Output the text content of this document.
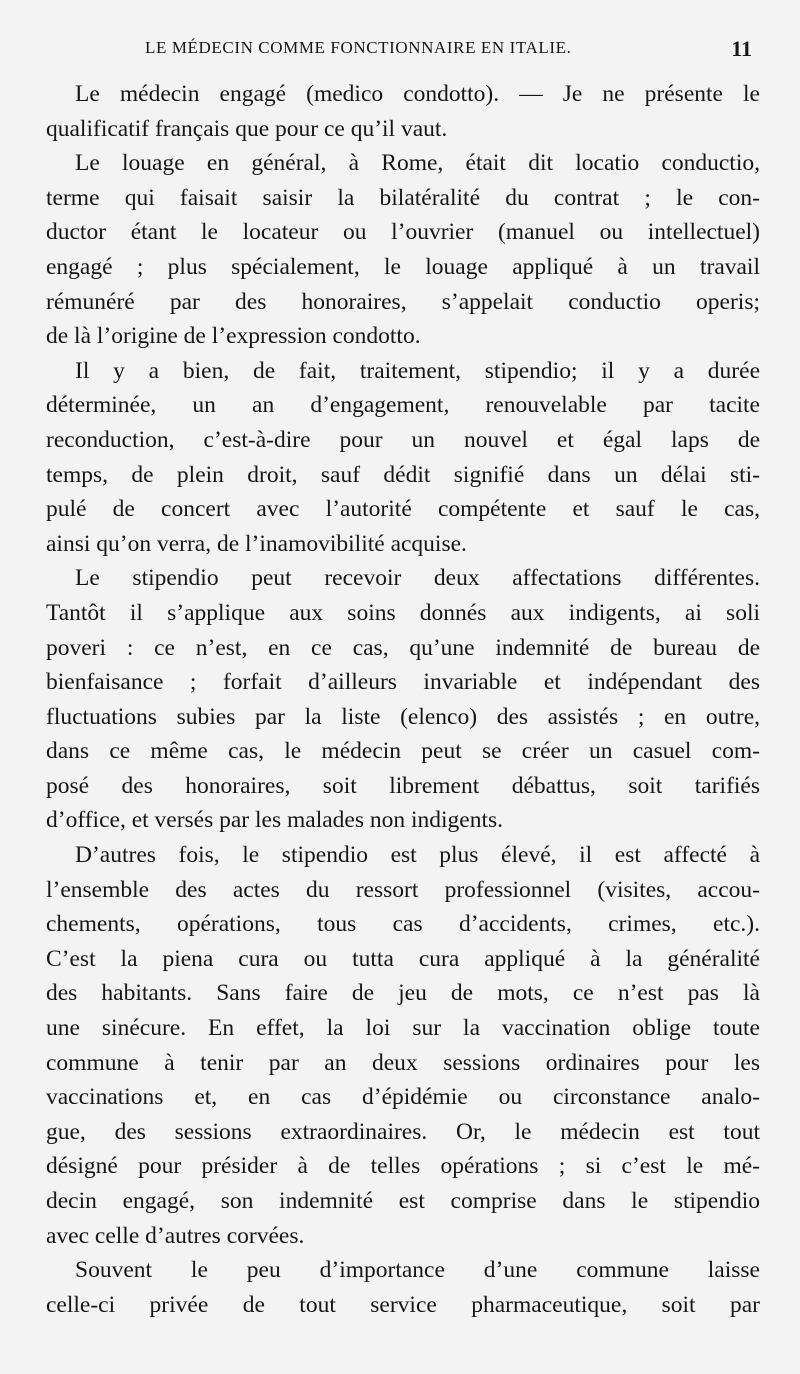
LE MÉDECIN COMME FONCTIONNAIRE EN ITALIE.	11
Le médecin engagé (medico condotto). — Je ne présente le
qualificatif français que pour ce qu’il vaut.
Le louage en général, à Rome, était dit locatio conductio,
terme qui faisait saisir la bilatéralité du contrat ; le con-
ductor étant le locateur ou l’ouvrier (manuel ou intellectuel)
engagé ; plus spécialement, le louage appliqué à un travail
rémunéré par des honoraires, s’appelait conductio operis;
de là l’origine de l’expression condotto.
Il y a bien, de fait, traitement, stipendio; il y a durée
déterminée, un an d’engagement, renouvelable par tacite
reconduction, c’est-à-dire pour un nouvel et égal laps de
temps, de plein droit, sauf dédit signifié dans un délai sti-
pulé de concert avec l’autorité compétente et sauf le cas,
ainsi qu’on verra, de l’inamovibilité acquise.
Le stipendio peut recevoir deux affectations différentes.
Tantôt il s’applique aux soins donnés aux indigents, ai soli
poveri : ce n’est, en ce cas, qu’une indemnité de bureau de
bienfaisance ; forfait d’ailleurs invariable et indépendant des
fluctuations subies par la liste (elenco) des assistés ; en outre,
dans ce même cas, le médecin peut se créer un casuel com-
posé des honoraires, soit librement débattus, soit tarifiés
d’office, et versés par les malades non indigents.
D’autres fois, le stipendio est plus élevé, il est affecté à
l’ensemble des actes du ressort professionnel (visites, accou-
chements, opérations, tous cas d’accidents, crimes, etc.).
C’est la piena cura ou tutta cura appliqué à la généralité
des habitants. Sans faire de jeu de mots, ce n’est pas là
une sinécure. En effet, la loi sur la vaccination oblige toute
commune à tenir par an deux sessions ordinaires pour les
vaccinations et, en cas d’épidémie ou circonstance analo-
gue, des sessions extraordinaires. Or, le médecin est tout
désigné pour présider à de telles opérations ; si c’est le mé-
decin engagé, son indemnité est comprise dans le stipendio
avec celle d’autres corvées.
Souvent le peu d’importance d’une commune laisse
celle-ci privée de tout service pharmaceutique, soit par
